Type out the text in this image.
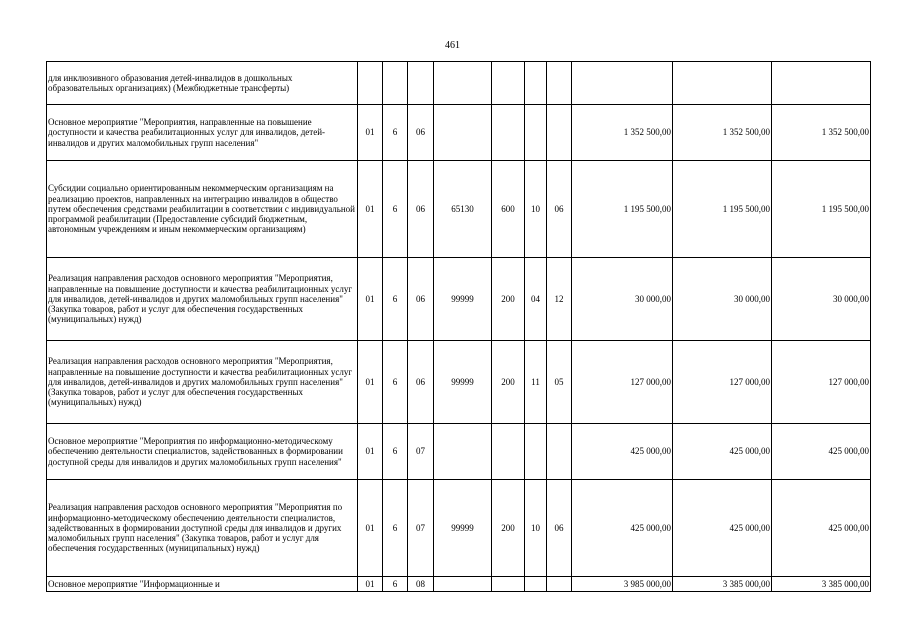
461
для инклюзивного образования детей-инвалидов в дошкольных образовательных организациях) (Межбюджетные трансферты)										
Основное мероприятие "Мероприятия, направленные на повышение доступности и качества реабилитационных услуг для инвалидов, детей-инвалидов и других маломобильных групп населения"	01	6	06					1 352 500,00	1 352 500,00	1 352 500,00
Субсидии социально ориентированным некоммерческим организациям на реализацию проектов, направленных на интеграцию инвалидов в общество путем обеспечения средствами реабилитации в соответствии с индивидуальной программой реабилитации (Предоставление субсидий бюджетным, автономным учреждениям и иным некоммерческим организациям)	01	6	06	65130	600	10	06	1 195 500,00	1 195 500,00	1 195 500,00
Реализация направления расходов основного мероприятия "Мероприятия, направленные на повышение доступности и качества реабилитационных услуг для инвалидов, детей-инвалидов и других маломобильных групп населения" (Закупка товаров, работ и услуг для обеспечения государственных (муниципальных) нужд)	01	6	06	99999	200	04	12	30 000,00	30 000,00	30 000,00
Реализация направления расходов основного мероприятия "Мероприятия, направленные на повышение доступности и качества реабилитационных услуг для инвалидов, детей-инвалидов и других маломобильных групп населения" (Закупка товаров, работ и услуг для обеспечения государственных (муниципальных) нужд)	01	6	06	99999	200	11	05	127 000,00	127 000,00	127 000,00
Основное мероприятие "Мероприятия по информационно-методическому обеспечению деятельности специалистов, задействованных в формировании доступной среды для инвалидов и других маломобильных групп населения"	01	6	07					425 000,00	425 000,00	425 000,00
Реализация направления расходов основного мероприятия "Мероприятия по информационно-методическому обеспечению деятельности специалистов, задействованных в формировании доступной среды для инвалидов и других маломобильных групп населения" (Закупка товаров, работ и услуг для обеспечения государственных (муниципальных) нужд)	01	6	07	99999	200	10	06	425 000,00	425 000,00	425 000,00
Основное мероприятие "Информационные и	01	6	08					3 985 000,00	3 385 000,00	3 385 000,00
